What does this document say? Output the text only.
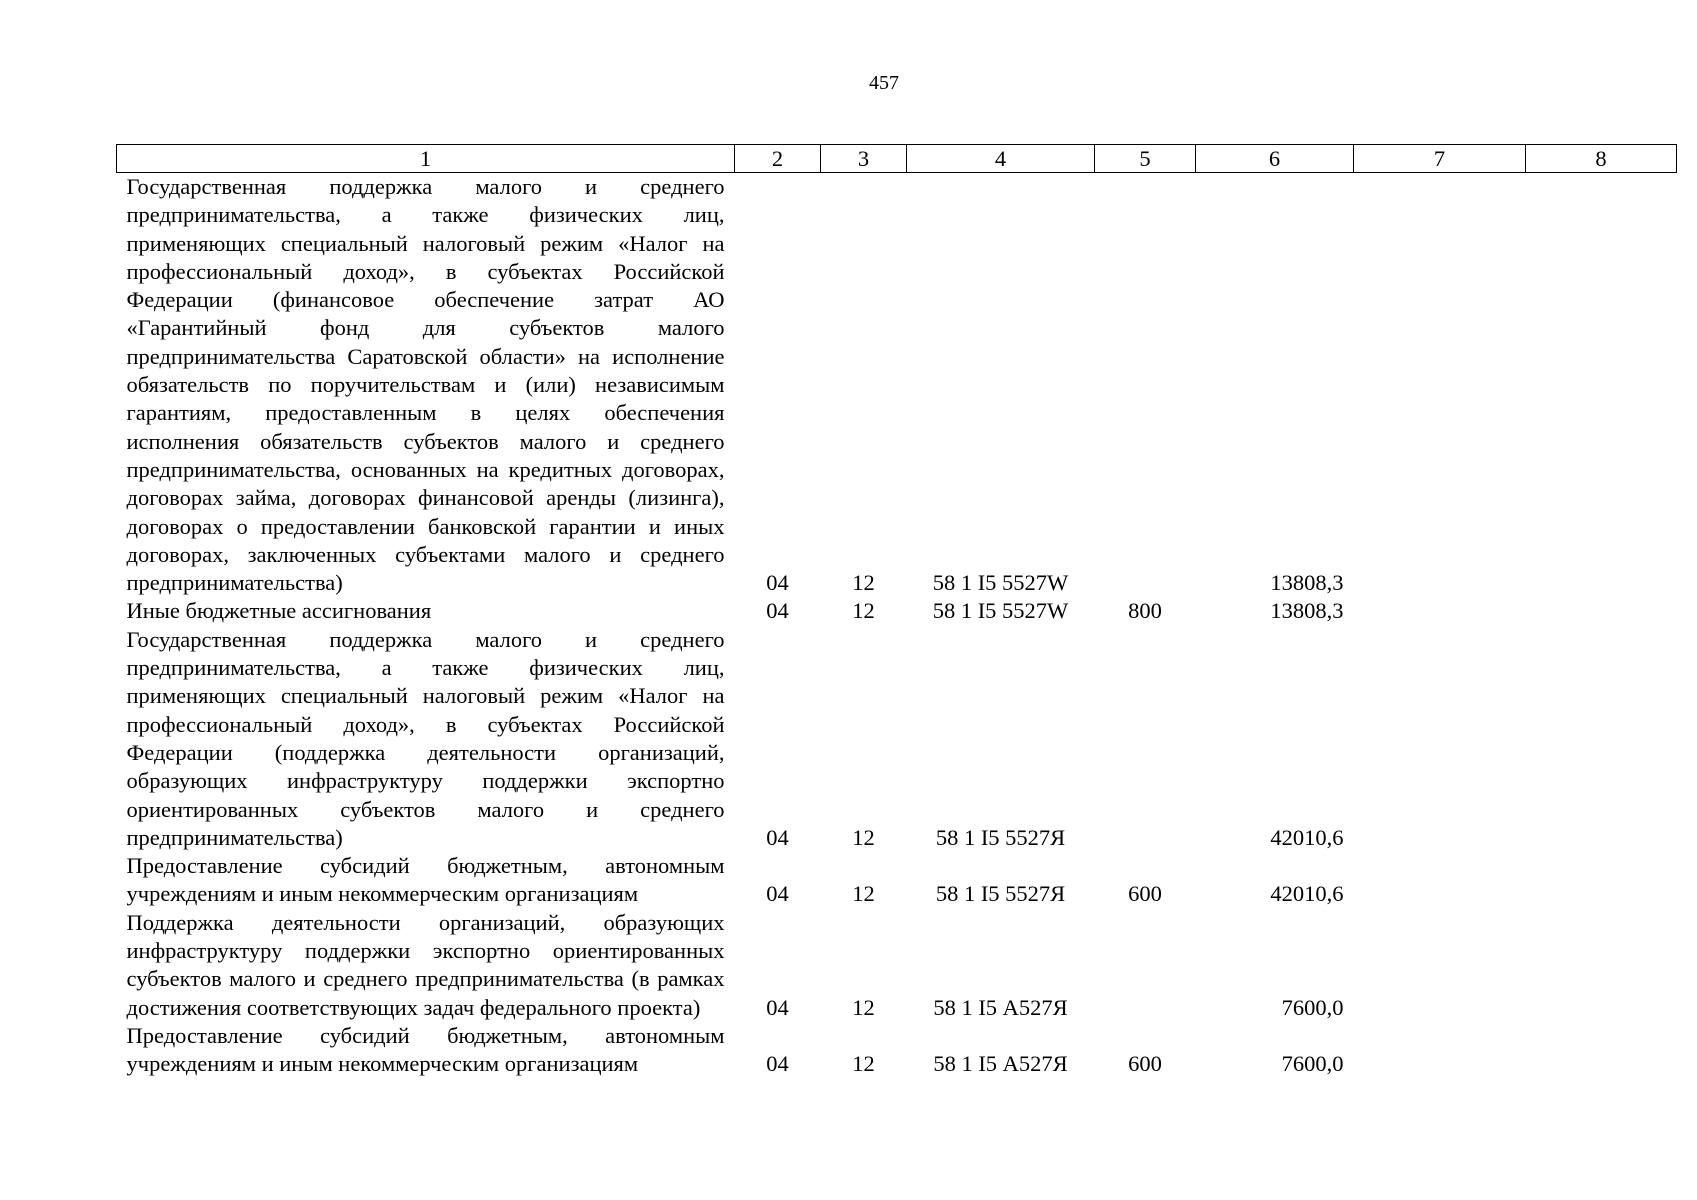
457
1	2	3	4	5	6	7	8
Государственная поддержка малого и среднего предпринимательства, а также физических лиц, применяющих специальный налоговый режим «Налог на профессиональный доход», в субъектах Российской Федерации (финансовое обеспечение затрат АО «Гарантийный фонд для субъектов малого предпринимательства Саратовской области» на исполнение обязательств по поручительствам и (или) независимым гарантиям, предоставленным в целях обеспечения исполнения обязательств субъектов малого и среднего предпринимательства, основанных на кредитных договорах, договорах займа, договорах финансовой аренды (лизинга), договорах о предоставлении банковской гарантии и иных договорах, заключенных субъектами малого и среднего предпринимательства)	04	12	58 1 I5 5527W		13808,3		
Иные бюджетные ассигнования	04	12	58 1 I5 5527W	800	13808,3		
Государственная поддержка малого и среднего предпринимательства, а также физических лиц, применяющих специальный налоговый режим «Налог на профессиональный доход», в субъектах Российской Федерации (поддержка деятельности организаций, образующих инфраструктуру поддержки экспортно ориентированных субъектов малого и среднего предпринимательства)	04	12	58 1 I5 5527Я		42010,6		
Предоставление субсидий бюджетным, автономным учреждениям и иным некоммерческим организациям	04	12	58 1 I5 5527Я	600	42010,6		
Поддержка деятельности организаций, образующих инфраструктуру поддержки экспортно ориентированных субъектов малого и среднего предпринимательства (в рамках достижения соответствующих задач федерального проекта)	04	12	58 1 I5 А527Я		7600,0		
Предоставление субсидий бюджетным, автономным учреждениям и иным некоммерческим организациям	04	12	58 1 I5 А527Я	600	7600,0		
